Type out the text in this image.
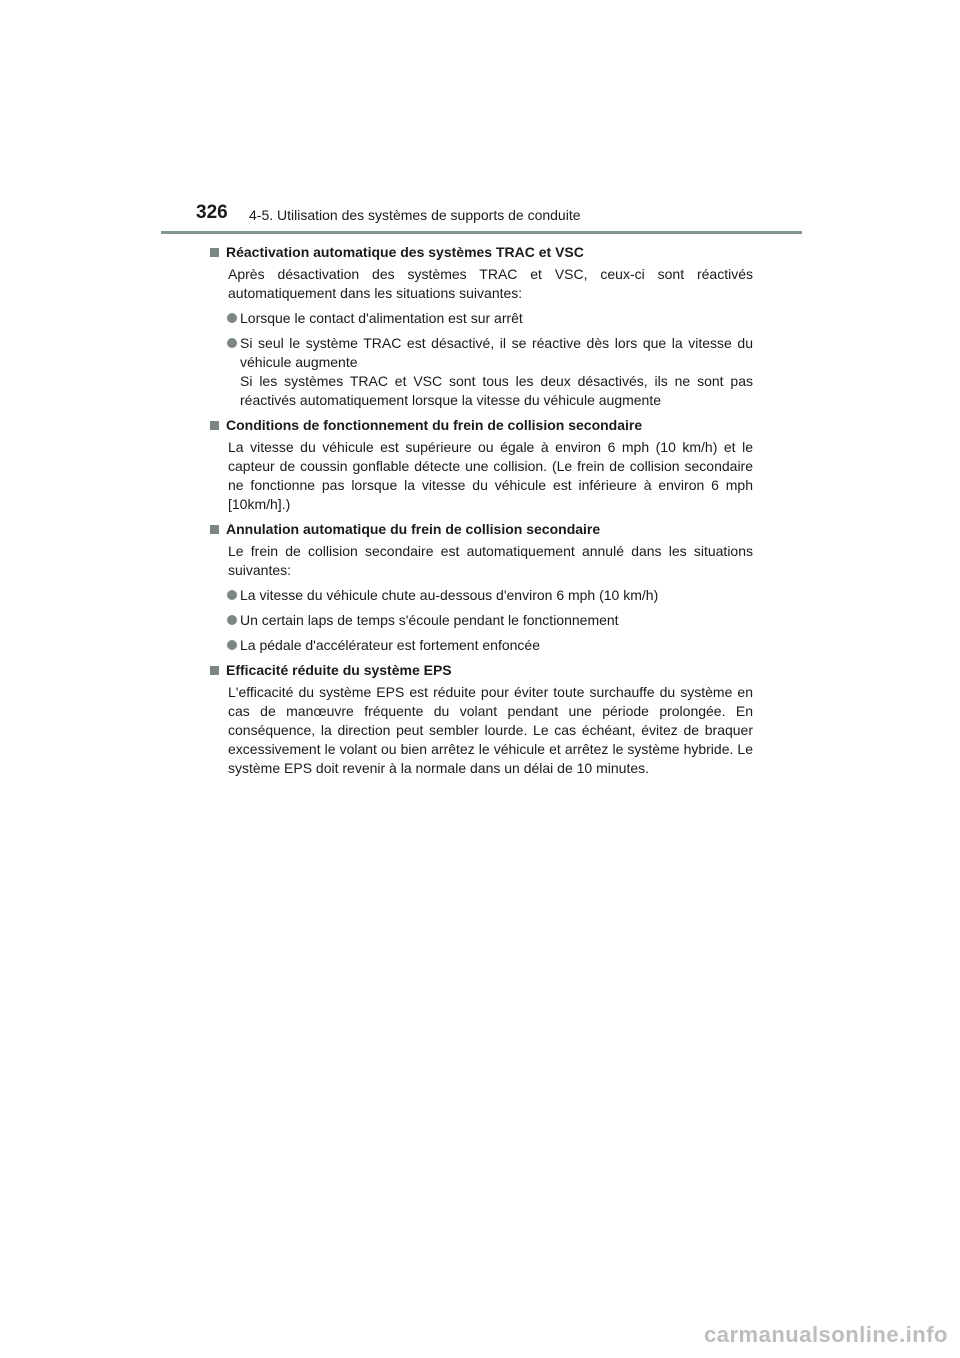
326 4-5. Utilisation des systèmes de supports de conduite
Réactivation automatique des systèmes TRAC et VSC
Après désactivation des systèmes TRAC et VSC, ceux-ci sont réactivés automatiquement dans les situations suivantes:
Lorsque le contact d'alimentation est sur arrêt
Si seul le système TRAC est désactivé, il se réactive dès lors que la vitesse du véhicule augmente
Si les systèmes TRAC et VSC sont tous les deux désactivés, ils ne sont pas réactivés automatiquement lorsque la vitesse du véhicule augmente
Conditions de fonctionnement du frein de collision secondaire
La vitesse du véhicule est supérieure ou égale à environ 6 mph (10 km/h) et le capteur de coussin gonflable détecte une collision. (Le frein de collision secondaire ne fonctionne pas lorsque la vitesse du véhicule est inférieure à environ 6 mph [10km/h].)
Annulation automatique du frein de collision secondaire
Le frein de collision secondaire est automatiquement annulé dans les situations suivantes:
La vitesse du véhicule chute au-dessous d'environ 6 mph (10 km/h)
Un certain laps de temps s'écoule pendant le fonctionnement
La pédale d'accélérateur est fortement enfoncée
Efficacité réduite du système EPS
L'efficacité du système EPS est réduite pour éviter toute surchauffe du système en cas de manœuvre fréquente du volant pendant une période prolongée. En conséquence, la direction peut sembler lourde. Le cas échéant, évitez de braquer excessivement le volant ou bien arrêtez le véhicule et arrêtez le système hybride. Le système EPS doit revenir à la normale dans un délai de 10 minutes.
carmanualsonline.info
